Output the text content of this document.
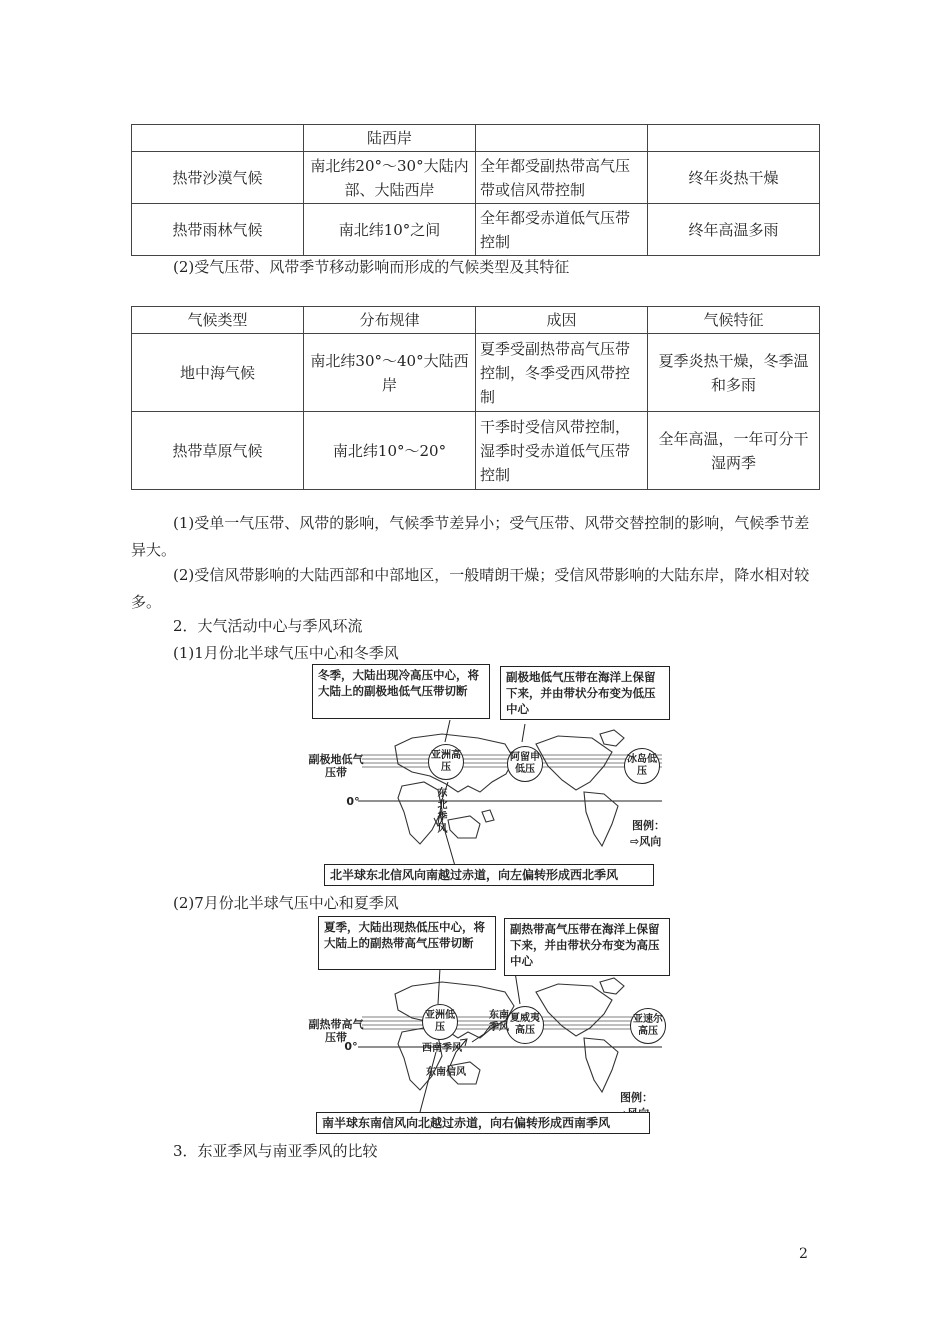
	陆西岸		
热带沙漠气候	南北纬20°～30°大陆内部、大陆西岸	全年都受副热带高气压带或信风带控制	终年炎热干燥
热带雨林气候	南北纬10°之间	全年都受赤道低气压带控制	终年高温多雨

(2)受气压带、风带季节移动影响而形成的气候类型及其特征

气候类型	分布规律	成因	气候特征
地中海气候	南北纬30°～40°大陆西岸	夏季受副热带高气压带控制，冬季受西风带控制	夏季炎热干燥，冬季温和多雨
热带草原气候	南北纬10°～20°	干季时受信风带控制，湿季时受赤道低气压带控制	全年高温，一年可分干湿两季

(1)受单一气压带、风带的影响，气候季节差异小；受气压带、风带交替控制的影响，气候季节差异大。

(2)受信风带影响的大陆西部和中部地区，一般晴朗干燥；受信风带影响的大陆东岸，降水相对较多。

2．大气活动中心与季风环流

(1)1月份北半球气压中心和冬季风

冬季，大陆出现冷高压中心，将大陆上的副极地低气压带切断
副极地低气压带在海洋上保留下来，并由带状分布变为低压中心
副极地低气压带
0°
亚洲高压
阿留申低压
冰岛低压
东北季风	图例：
⇨风向
北半球东北信风向南越过赤道，向左偏转形成西北季风

(2)7月份北半球气压中心和夏季风

夏季，大陆出现热低压中心，将大陆上的副热带高气压带切断
副热带高气压带在海洋上保留下来，并由带状分布变为高压中心
副热带高气压带
0°
亚洲低压
夏威夷高压
亚速尔高压
东南季风
西南季风
东南信风
图例：
南半球东南信风向北越过赤道，向右偏转形成西南季风

3．东亚季风与南亚季风的比较

2
